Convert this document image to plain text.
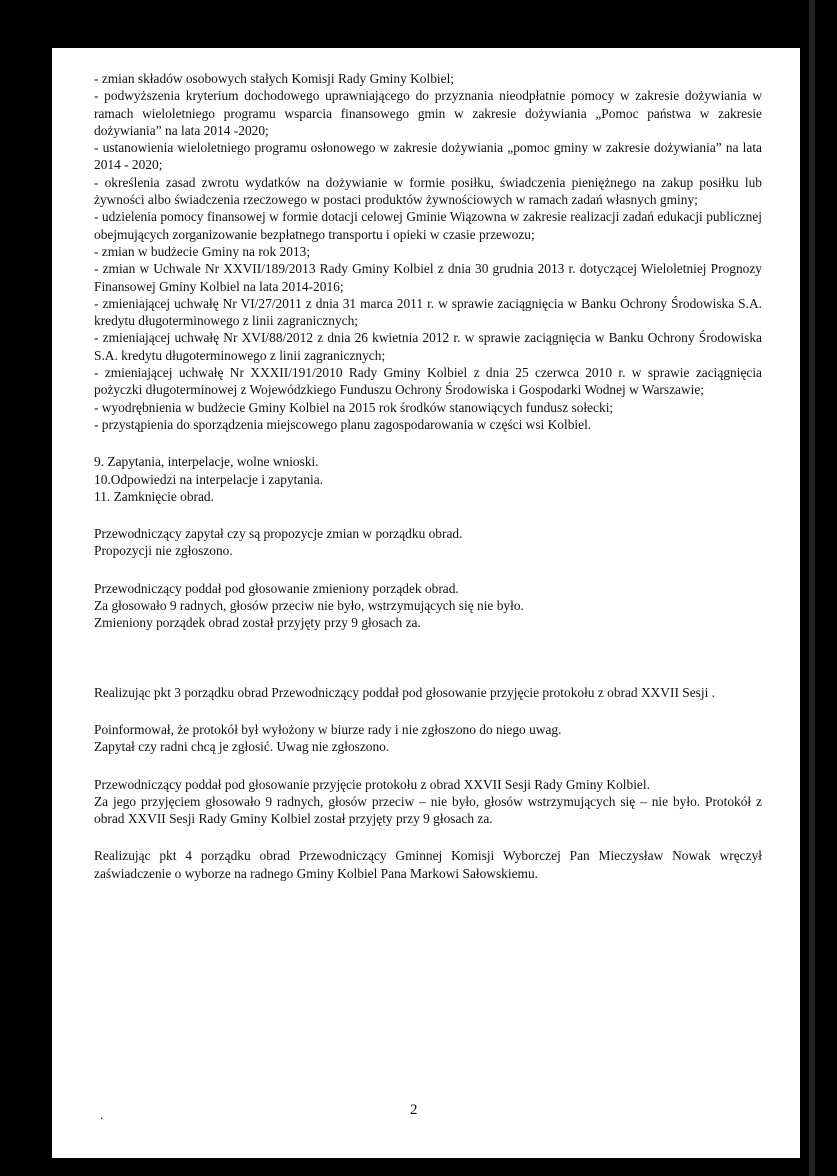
- zmian składów osobowych stałych Komisji Rady Gminy Kolbiel;

- podwyższenia kryterium dochodowego uprawniającego do przyznania nieodpłatnie pomocy w zakresie dożywiania w ramach wieloletniego programu wsparcia finansowego gmin w zakresie dożywiania „Pomoc państwa w zakresie dożywiania” na lata 2014 -2020;

- ustanowienia wieloletniego programu osłonowego w zakresie dożywiania „pomoc gminy w zakresie dożywiania” na lata 2014 - 2020;

- określenia zasad zwrotu wydatków na dożywianie w formie posiłku, świadczenia pieniężnego na zakup posiłku lub żywności albo świadczenia rzeczowego w postaci produktów żywnościowych w ramach zadań własnych gminy;

- udzielenia pomocy finansowej w formie dotacji celowej Gminie Wiązowna w zakresie realizacji zadań edukacji publicznej obejmujących zorganizowanie bezpłatnego transportu i opieki w czasie przewozu;

- zmian w budżecie Gminy na rok 2013;

- zmian w Uchwale Nr XXVII/189/2013 Rady Gminy Kolbiel z dnia 30 grudnia 2013 r. dotyczącej Wieloletniej Prognozy Finansowej Gminy Kolbiel na lata 2014-2016;

- zmieniającej uchwałę Nr VI/27/2011 z dnia 31 marca 2011 r. w sprawie zaciągnięcia w Banku Ochrony Środowiska S.A. kredytu długoterminowego z linii zagranicznych;

- zmieniającej uchwałę Nr XVI/88/2012 z dnia 26 kwietnia 2012 r. w sprawie zaciągnięcia w Banku Ochrony Środowiska S.A. kredytu długoterminowego z linii zagranicznych;

- zmieniającej uchwałę Nr XXXII/191/2010 Rady Gminy Kolbiel z dnia 25 czerwca 2010 r. w sprawie zaciągnięcia pożyczki długoterminowej z Wojewódzkiego Funduszu Ochrony Środowiska i Gospodarki Wodnej w Warszawie;

- wyodrębnienia w budżecie Gminy Kolbiel na 2015 rok środków stanowiących fundusz sołecki;

- przystąpienia do sporządzenia miejscowego planu zagospodarowania w części wsi Kolbiel.

9. Zapytania, interpelacje, wolne wnioski.

10.Odpowiedzi na interpelacje i zapytania.

11. Zamknięcie obrad.

Przewodniczący zapytał czy są propozycje zmian w porządku obrad.

Propozycji nie zgłoszono.

Przewodniczący poddał pod głosowanie zmieniony porządek obrad.

Za głosowało 9 radnych, głosów przeciw nie było, wstrzymujących się nie było.

Zmieniony porządek obrad został przyjęty przy 9 głosach za.

Realizując pkt 3 porządku obrad Przewodniczący poddał pod głosowanie przyjęcie protokołu z obrad XXVII Sesji .

Poinformował, że protokół był wyłożony w biurze rady i nie zgłoszono do niego uwag.

Zapytał czy radni chcą je zgłosić. Uwag nie zgłoszono.

Przewodniczący poddał pod głosowanie przyjęcie protokołu z obrad XXVII Sesji Rady Gminy Kolbiel.

Za jego przyjęciem głosowało 9 radnych, głosów przeciw – nie było, głosów wstrzymujących się – nie było. Protokół z obrad XXVII Sesji Rady Gminy Kolbiel został przyjęty przy 9 głosach za.

Realizując pkt 4 porządku obrad Przewodniczący Gminnej Komisji Wyborczej Pan Mieczysław Nowak wręczył zaświadczenie o wyborze na radnego Gminy Kolbiel Pana Markowi Sałowskiemu.

.	2
